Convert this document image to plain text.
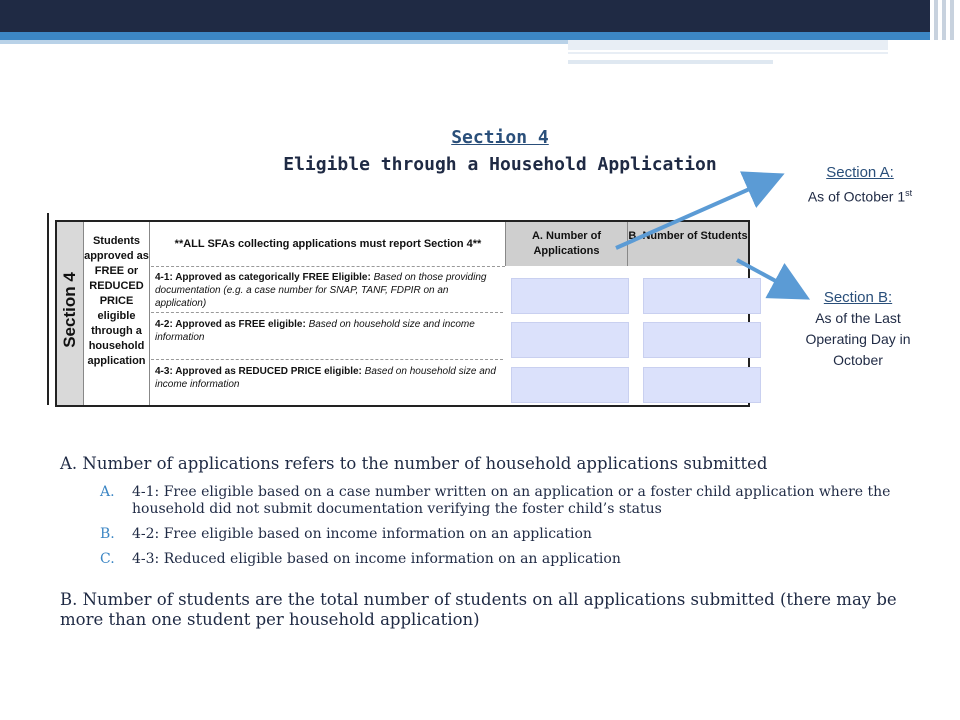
Section 4
Eligible through a Household Application
Section 4
Students approved as FREE or REDUCED PRICE eligible through a household application
**ALL SFAs collecting applications must report Section 4**
4-1: Approved as categorically FREE Eligible: Based on those providing documentation (e.g. a case number for SNAP, TANF, FDPIR on an application)
4-2: Approved as FREE eligible: Based on household size and income information
4-3: Approved as REDUCED PRICE eligible: Based on household size and income information
A. Number of Applications
B. Number of Students
Section A:
As of October 1st
Section B:
As of the Last
Operating Day in
October

A. Number of applications refers to the number of household applications submitted

A. 4-1: Free eligible based on a case number written on an application or a foster child application where the household did not submit documentation verifying the foster child’s status
B. 4-2: Free eligible based on income information on an application
C. 4-3: Reduced eligible based on income information on an application

B. Number of students are the total number of students on all applications submitted (there may be more than one student per household application)
